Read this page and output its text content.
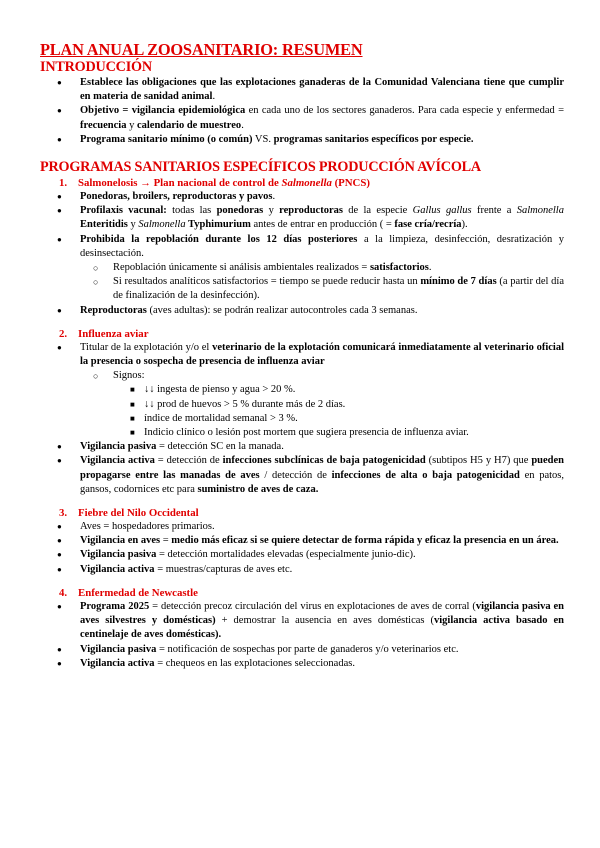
PLAN ANUAL ZOOSANITARIO: RESUMEN
INTRODUCCIÓN
● Establece las obligaciones que las explotaciones ganaderas de la Comunidad Valenciana tiene que cumplir en materia de sanidad animal.
● Objetivo = vigilancia epidemiológica en cada uno de los sectores ganaderos. Para cada especie y enfermedad = frecuencia y calendario de muestreo.
● Programa sanitario mínimo (o común) VS. programas sanitarios específicos por especie.
PROGRAMAS SANITARIOS ESPECÍFICOS PRODUCCIÓN AVÍCOLA
1. Salmonelosis → Plan nacional de control de Salmonella (PNCS)
● Ponedoras, broilers, reproductoras y pavos.
● Profilaxis vacunal: todas las ponedoras y reproductoras de la especie Gallus gallus frente a Salmonella Enteritidis y Salmonella Typhimurium antes de entrar en producción ( = fase cría/recría).
● Prohibida la repoblación durante los 12 días posteriores a la limpieza, desinfección, desratización y desinsectación.
○ Repoblación únicamente si análisis ambientales realizados = satisfactorios.
○ Si resultados analíticos satisfactorios = tiempo se puede reducir hasta un mínimo de 7 días (a partir del día de finalización de la desinfección).
● Reproductoras (aves adultas): se podrán realizar autocontroles cada 3 semanas.
2. Influenza aviar
● Titular de la explotación y/o el veterinario de la explotación comunicará inmediatamente al veterinario oficial la presencia o sospecha de presencia de influenza aviar
○ Signos:
■ ↓↓ ingesta de pienso y agua > 20 %.
■ ↓↓ prod de huevos > 5 % durante más de 2 días.
■ índice de mortalidad semanal > 3 %.
■ Indicio clínico o lesión post mortem que sugiera presencia de influenza aviar.
● Vigilancia pasiva = detección SC en la manada.
● Vigilancia activa = detección de infecciones subclínicas de baja patogenicidad (subtipos H5 y H7) que pueden propagarse entre las manadas de aves / detección de infecciones de alta o baja patogenicidad en patos, gansos, codornices etc para suministro de aves de caza.
3. Fiebre del Nilo Occidental
● Aves = hospedadores primarios.
● Vigilancia en aves = medio más eficaz si se quiere detectar de forma rápida y eficaz la presencia en un área.
● Vigilancia pasiva = detección mortalidades elevadas (especialmente junio-dic).
● Vigilancia activa = muestras/capturas de aves etc.
4. Enfermedad de Newcastle
● Programa 2025 = detección precoz circulación del virus en explotaciones de aves de corral (vigilancia pasiva en aves silvestres y domésticas) + demostrar la ausencia en aves domésticas (vigilancia activa basado en centinelaje de aves domésticas).
● Vigilancia pasiva = notificación de sospechas por parte de ganaderos y/o veterinarios etc.
● Vigilancia activa = chequeos en las explotaciones seleccionadas.
